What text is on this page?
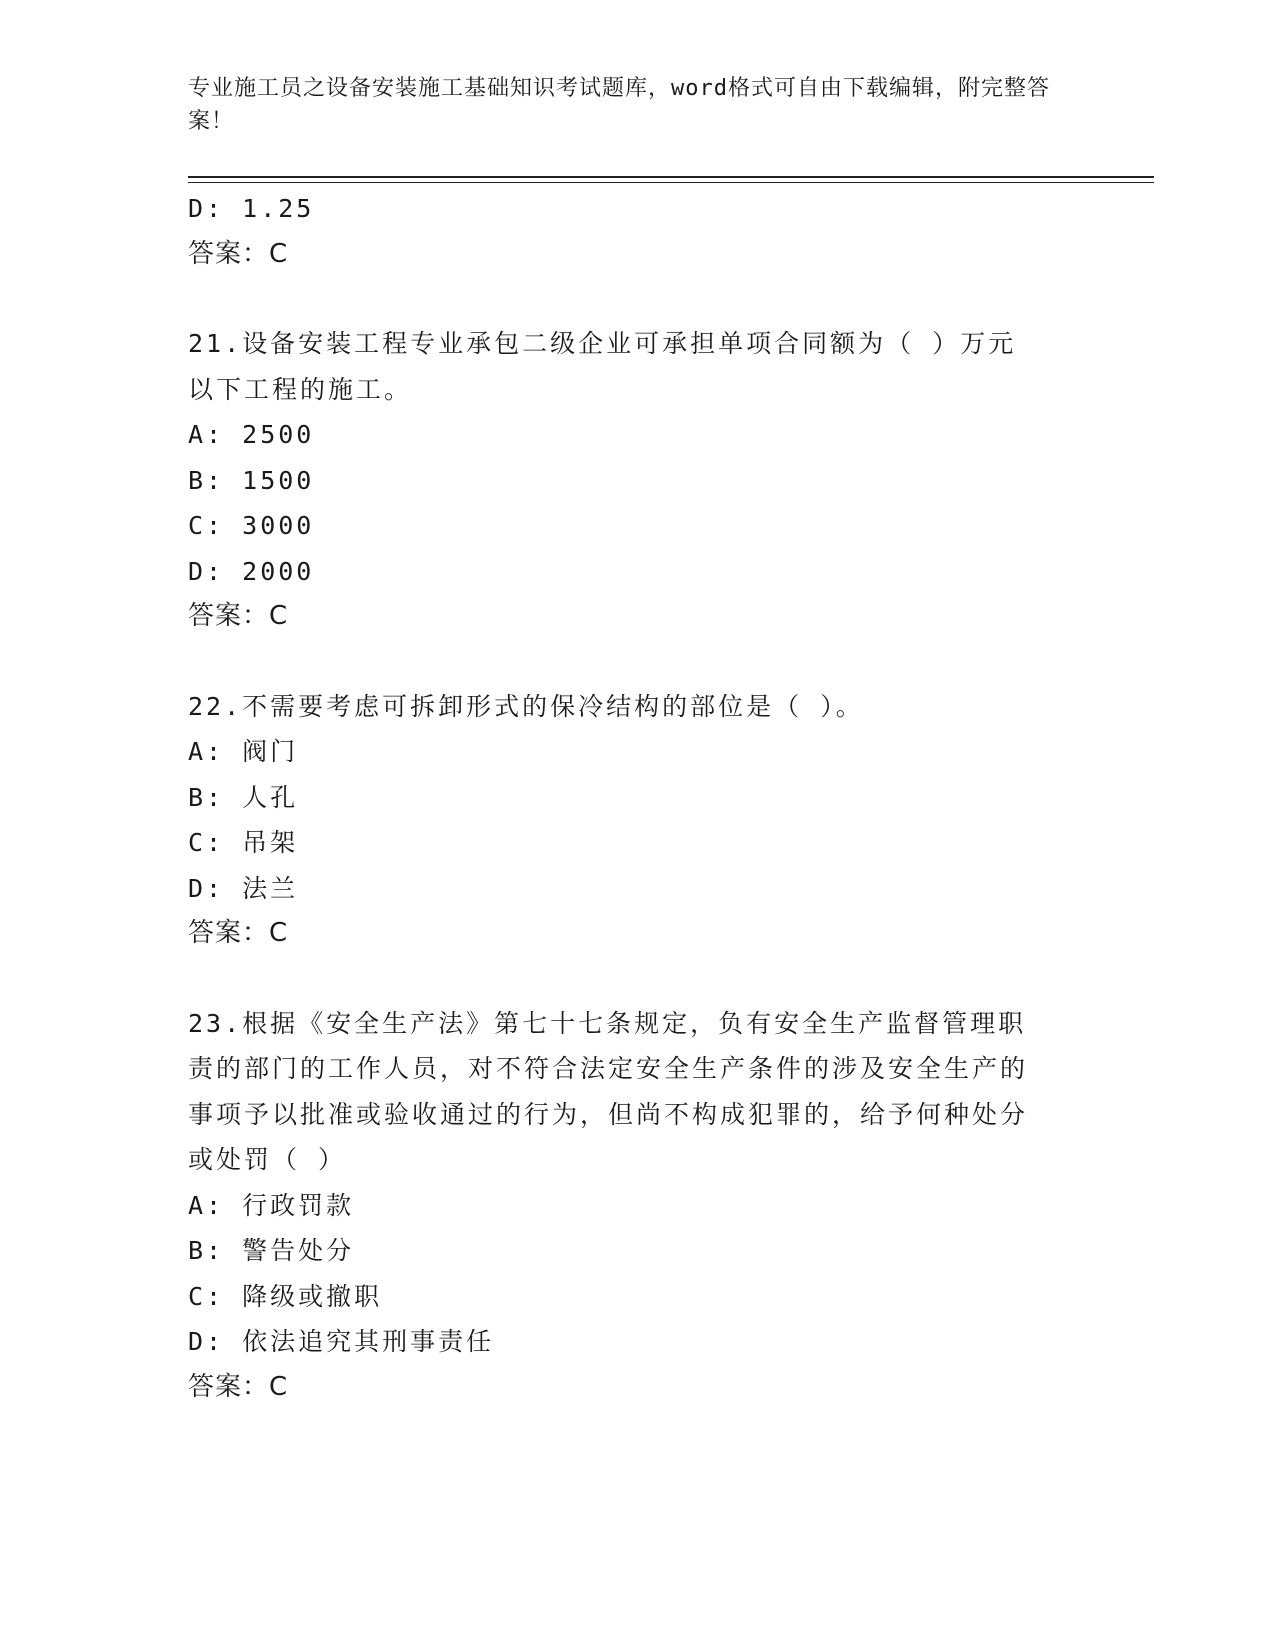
专业施工员之设备安装施工基础知识考试题库，word格式可自由下载编辑，附完整答案！
D: 1.25
答案：C
21.设备安装工程专业承包二级企业可承担单项合同额为（ ）万元以下工程的施工。
A: 2500
B: 1500
C: 3000
D: 2000
答案：C
22.不需要考虑可拆卸形式的保冷结构的部位是（ ）。
A: 阀门
B: 人孔
C: 吊架
D: 法兰
答案：C
23.根据《安全生产法》第七十七条规定，负有安全生产监督管理职责的部门的工作人员，对不符合法定安全生产条件的涉及安全生产的事项予以批准或验收通过的行为，但尚不构成犯罪的，给予何种处分或处罚（ ）
A: 行政罚款
B: 警告处分
C: 降级或撤职
D: 依法追究其刑事责任
答案：C
